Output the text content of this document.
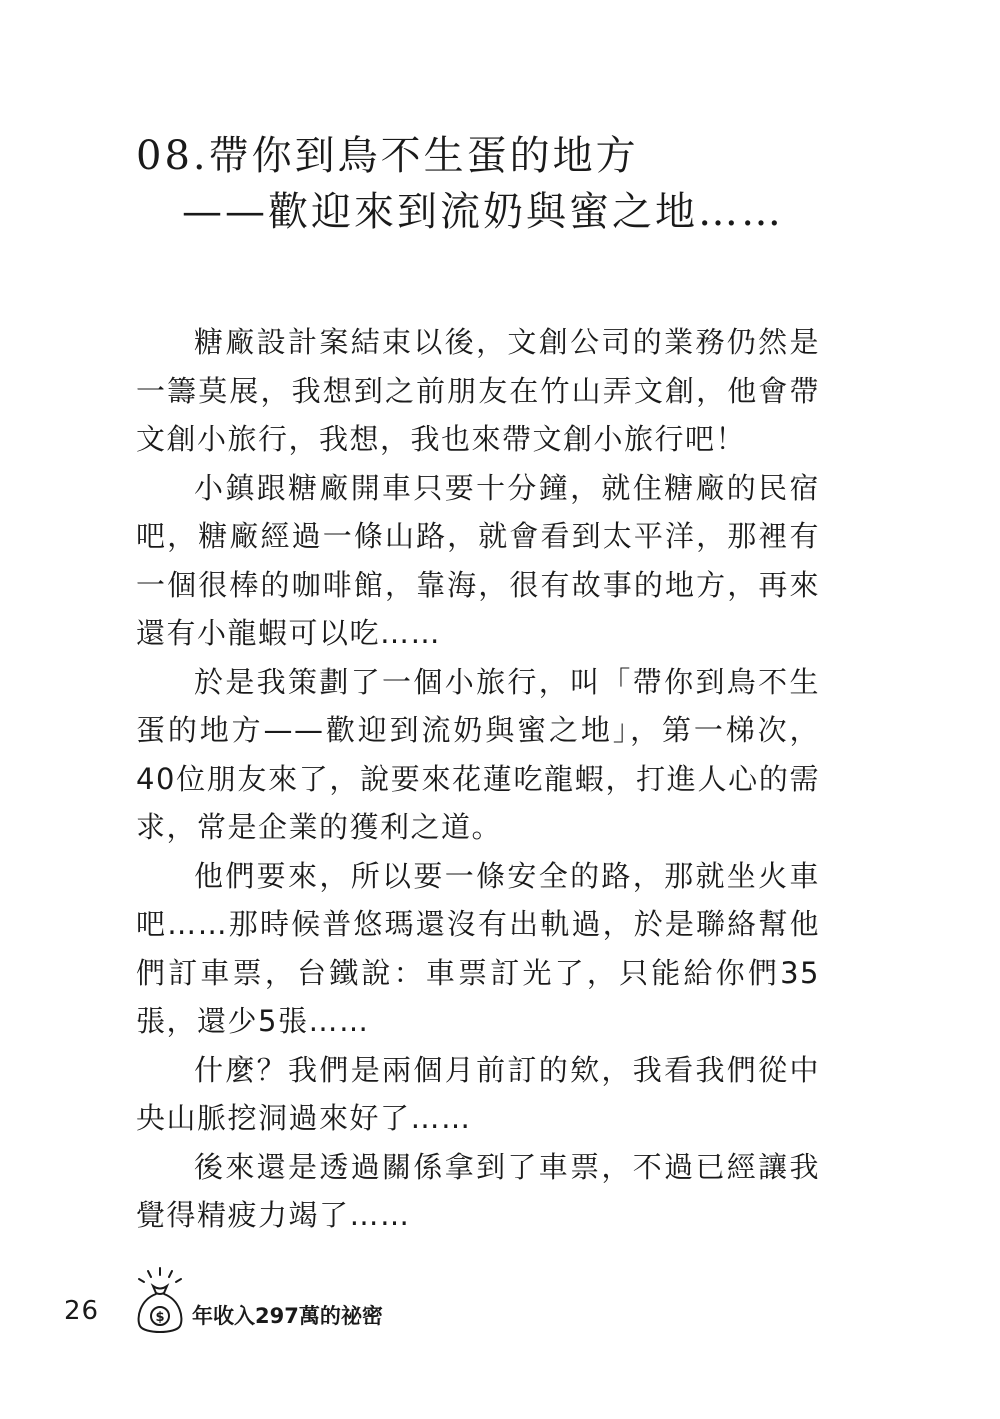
08.帶你到鳥不生蛋的地方
——歡迎來到流奶與蜜之地……

糖廠設計案結束以後，文創公司的業務仍然是一籌莫展，我想到之前朋友在竹山弄文創，他會帶文創小旅行，我想，我也來帶文創小旅行吧！

小鎮跟糖廠開車只要十分鐘，就住糖廠的民宿吧，糖廠經過一條山路，就會看到太平洋，那裡有一個很棒的咖啡館，靠海，很有故事的地方，再來還有小龍蝦可以吃……

於是我策劃了一個小旅行，叫「帶你到鳥不生蛋的地方——歡迎到流奶與蜜之地」，第一梯次，40位朋友來了，說要來花蓮吃龍蝦，打進人心的需求，常是企業的獲利之道。

他們要來，所以要一條安全的路，那就坐火車吧……那時候普悠瑪還沒有出軌過，於是聯絡幫他們訂車票，台鐵說：車票訂光了，只能給你們35張，還少5張……

什麼？我們是兩個月前訂的欸，我看我們從中央山脈挖洞過來好了……

後來還是透過關係拿到了車票，不過已經讓我覺得精疲力竭了……

26	$ 年收入297萬的祕密
